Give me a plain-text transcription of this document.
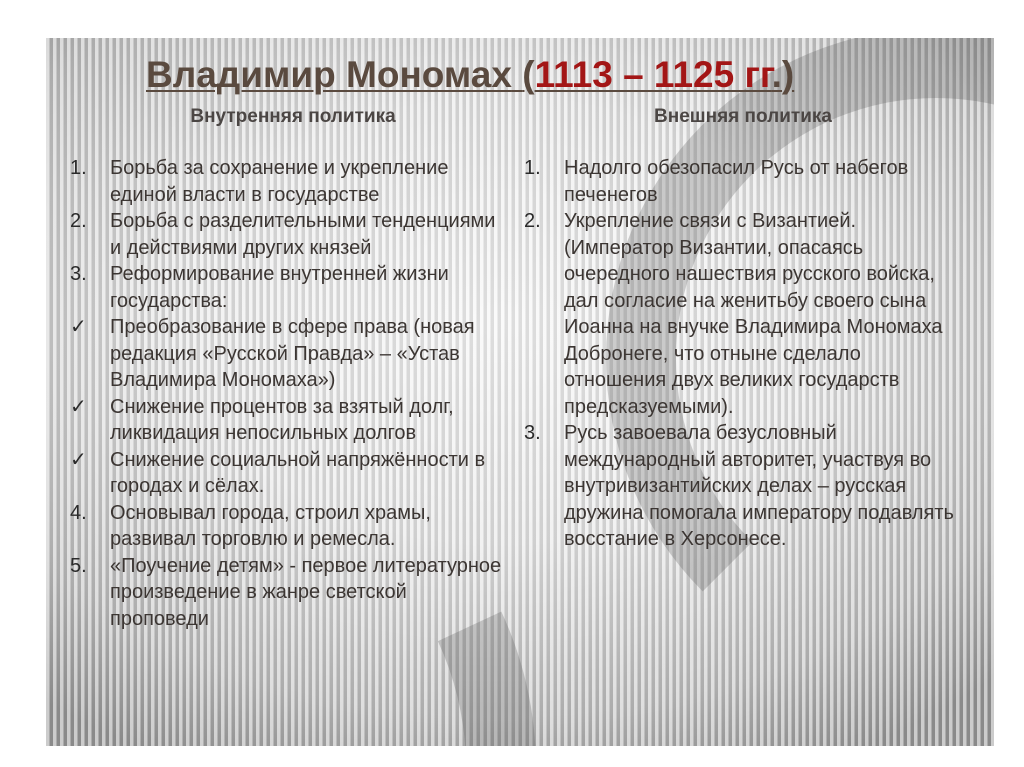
Владимир Мономах (1113 – 1125 гг.)
Внутренняя политика	Внешняя политика
1.	Борьба за сохранение и укрепление единой власти в государстве
2.	Борьба с разделительными тенденциями и действиями других князей
3.	Реформирование внутренней жизни государства:
✓	Преобразование в сфере права (новая редакция «Русской Правда» – «Устав Владимира Мономаха»)
✓	Снижение процентов за взятый долг, ликвидация непосильных долгов
✓	Снижение социальной напряжённости в городах и сёлах.
4.	Основывал города, строил храмы, развивал торговлю и ремесла.
5.	«Поучение детям» - первое литературное произведение в жанре светской проповеди
1.	Надолго обезопасил Русь от набегов печенегов
2.	Укрепление связи с Византией. (Император Византии, опасаясь очередного нашествия русского войска, дал согласие на женитьбу своего сына Иоанна на внучке Владимира Мономаха Добронеге, что отныне сделало отношения двух великих государств предсказуемыми).
3.	Русь завоевала безусловный международный авторитет, участвуя во внутривизантийских делах – русская дружина помогала императору подавлять восстание в Херсонесе.
